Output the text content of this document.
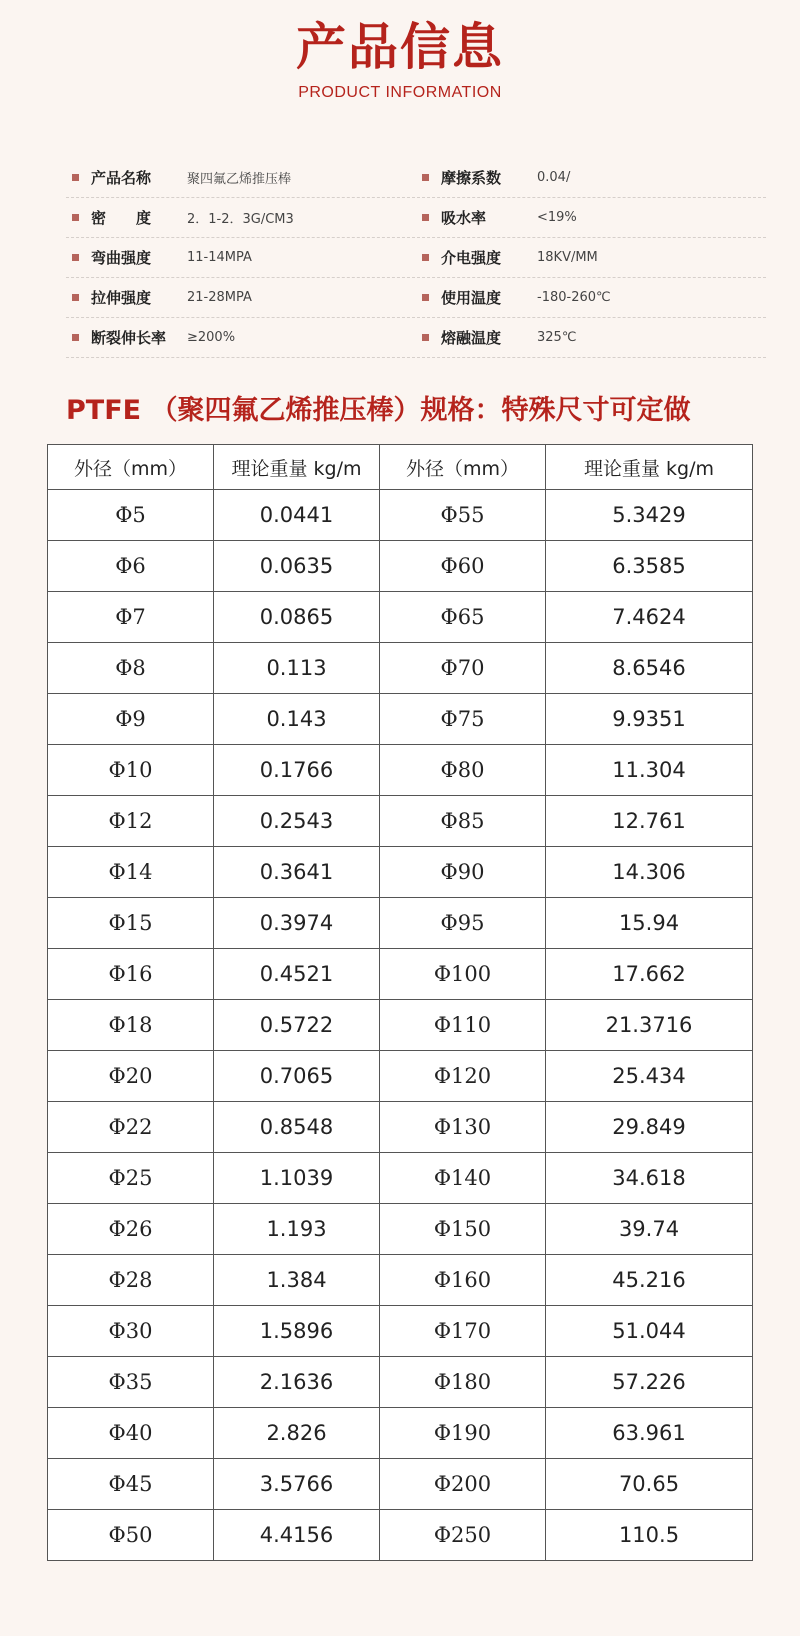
产品信息
PRODUCT INFORMATION
产品名称	聚四氟乙烯推压棒	摩擦系数	0.04/
密　　度	2．1-2．3G/CM3	吸水率	<19%
弯曲强度	11-14MPA	介电强度	18KV/MM
拉伸强度	21-28MPA	使用温度	-180-260℃
断裂伸长率	≥200%	熔融温度	325℃
PTFE （聚四氟乙烯推压棒）规格：特殊尺寸可定做
外径（mm）	理论重量 kg/m	外径（mm）	理论重量 kg/m
Φ5	0.0441	Φ55	5.3429
Φ6	0.0635	Φ60	6.3585
Φ7	0.0865	Φ65	7.4624
Φ8	0.113	Φ70	8.6546
Φ9	0.143	Φ75	9.9351
Φ10	0.1766	Φ80	11.304
Φ12	0.2543	Φ85	12.761
Φ14	0.3641	Φ90	14.306
Φ15	0.3974	Φ95	15.94
Φ16	0.4521	Φ100	17.662
Φ18	0.5722	Φ110	21.3716
Φ20	0.7065	Φ120	25.434
Φ22	0.8548	Φ130	29.849
Φ25	1.1039	Φ140	34.618
Φ26	1.193	Φ150	39.74
Φ28	1.384	Φ160	45.216
Φ30	1.5896	Φ170	51.044
Φ35	2.1636	Φ180	57.226
Φ40	2.826	Φ190	63.961
Φ45	3.5766	Φ200	70.65
Φ50	4.4156	Φ250	110.5
